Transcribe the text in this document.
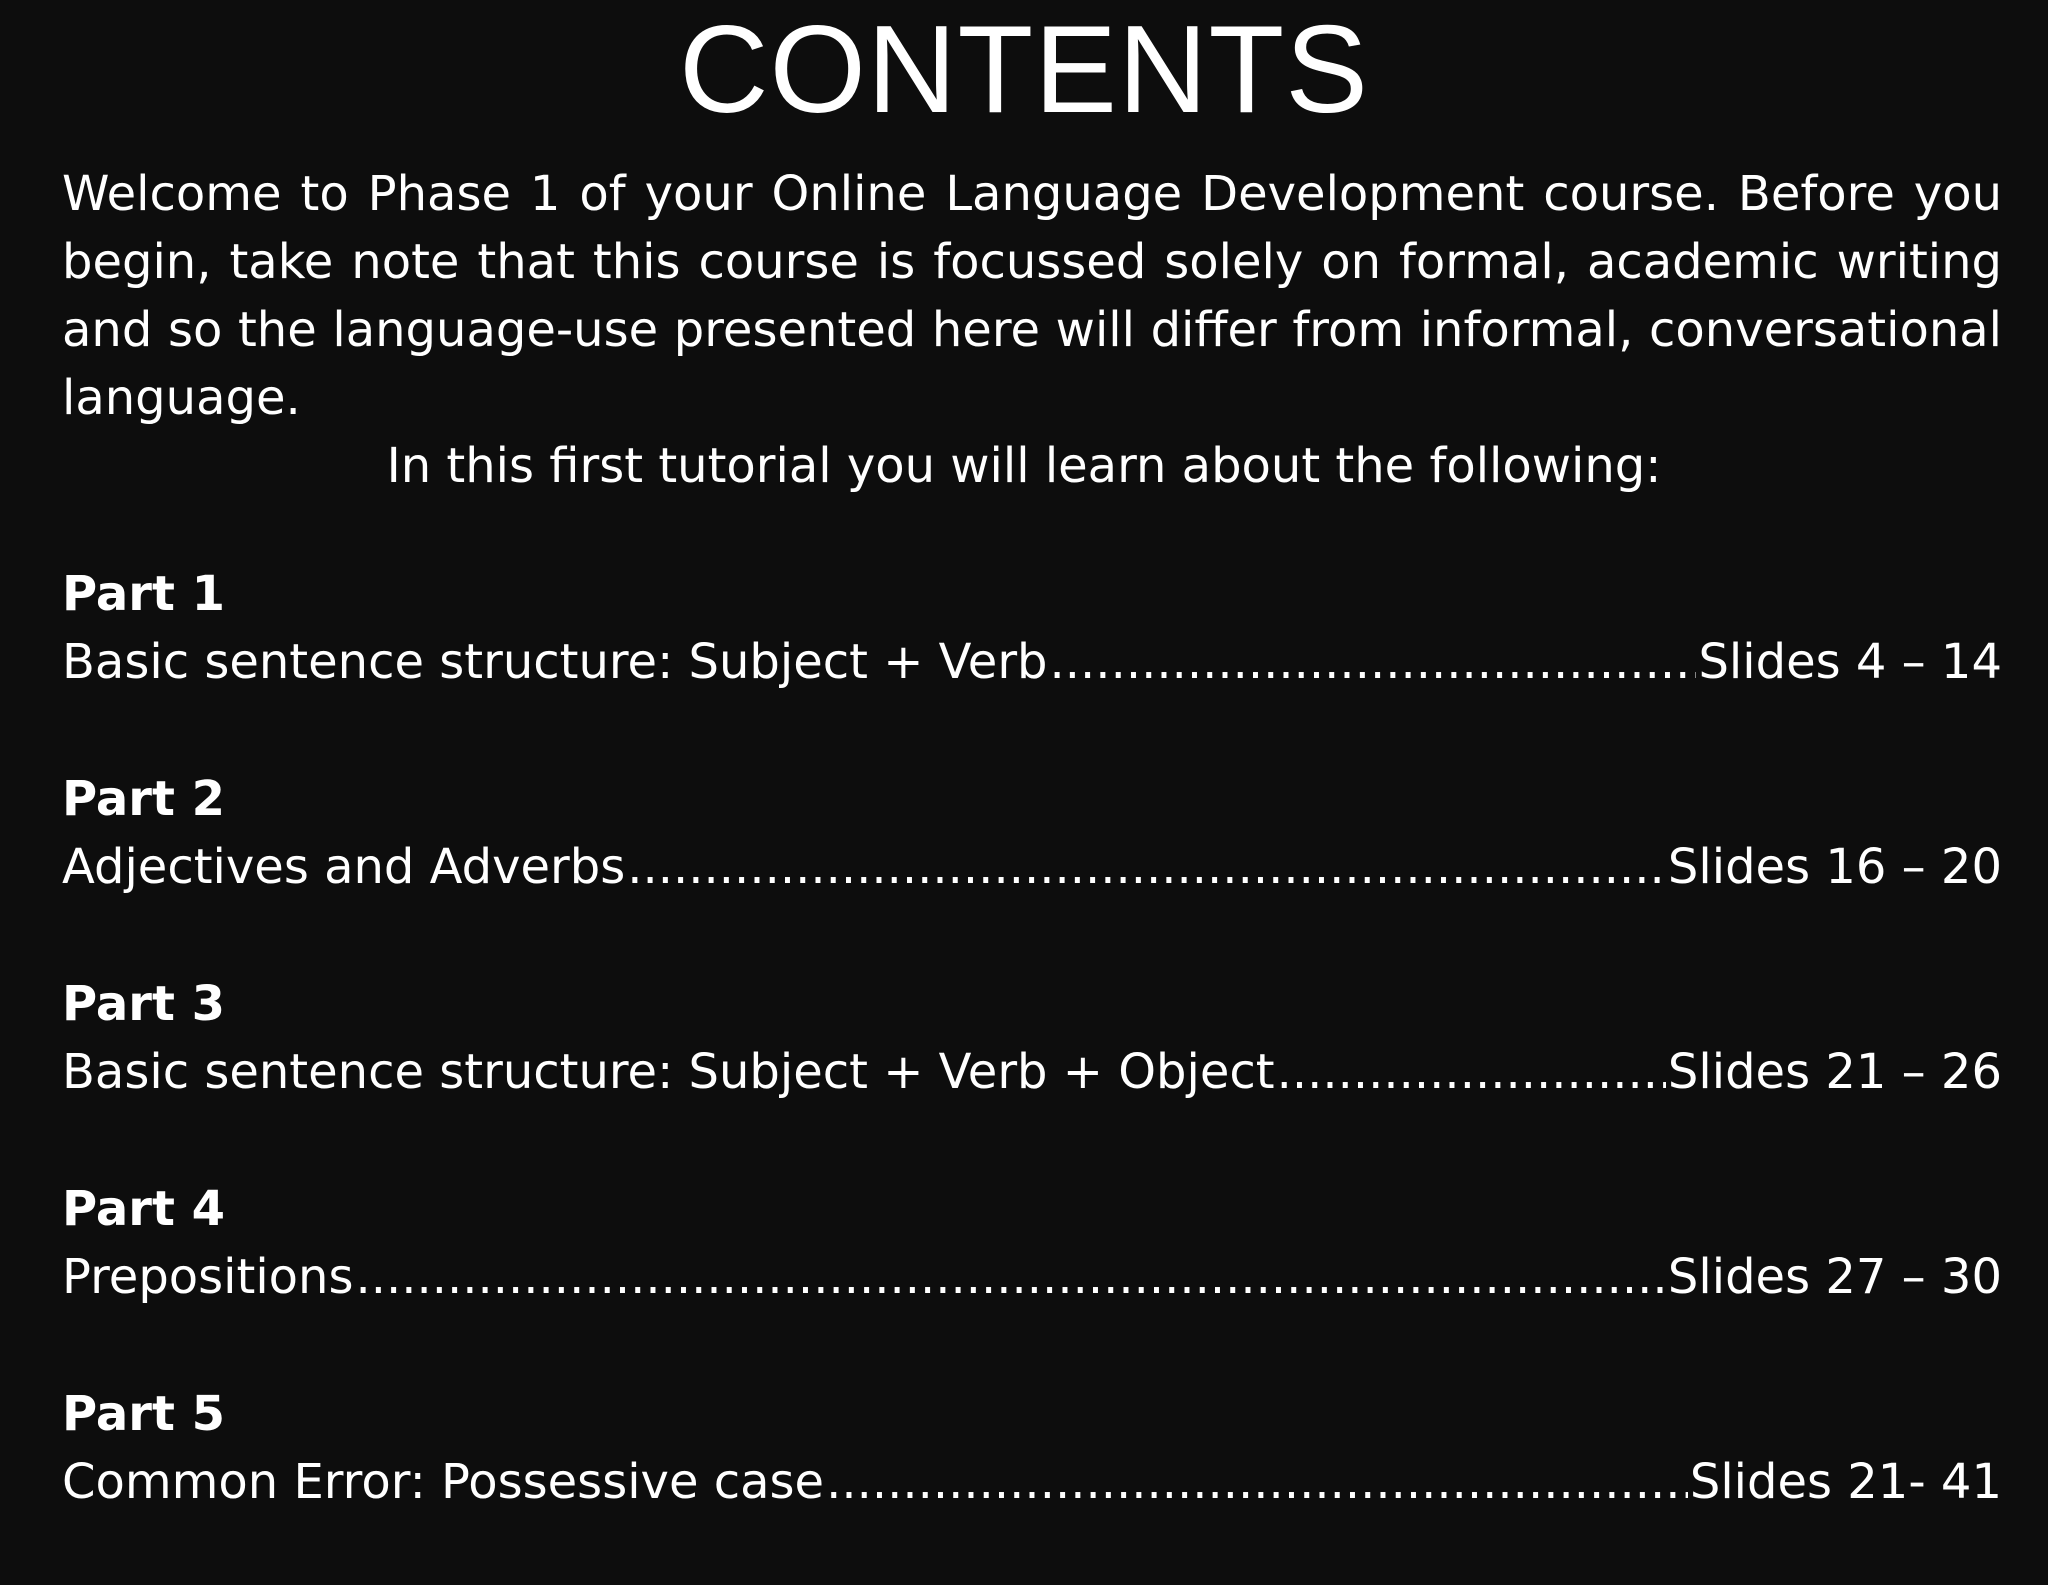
CONTENTS

Welcome to Phase 1 of your Online Language Development course. Before you begin, take note that this course is focussed solely on formal, academic writing and so the language-use presented here will differ from informal, conversational language.

In this first tutorial you will learn about the following:

Part 1
Basic sentence structure: Subject + Verb .....	Slides 4 – 14
Part 2
Adjectives and Adverbs .....	Slides 16 – 20
Part 3
Basic sentence structure: Subject + Verb + Object .....	Slides 21 – 26
Part 4
Prepositions .....	Slides 27 – 30
Part 5
Common Error: Possessive case .....	Slides 21- 41
